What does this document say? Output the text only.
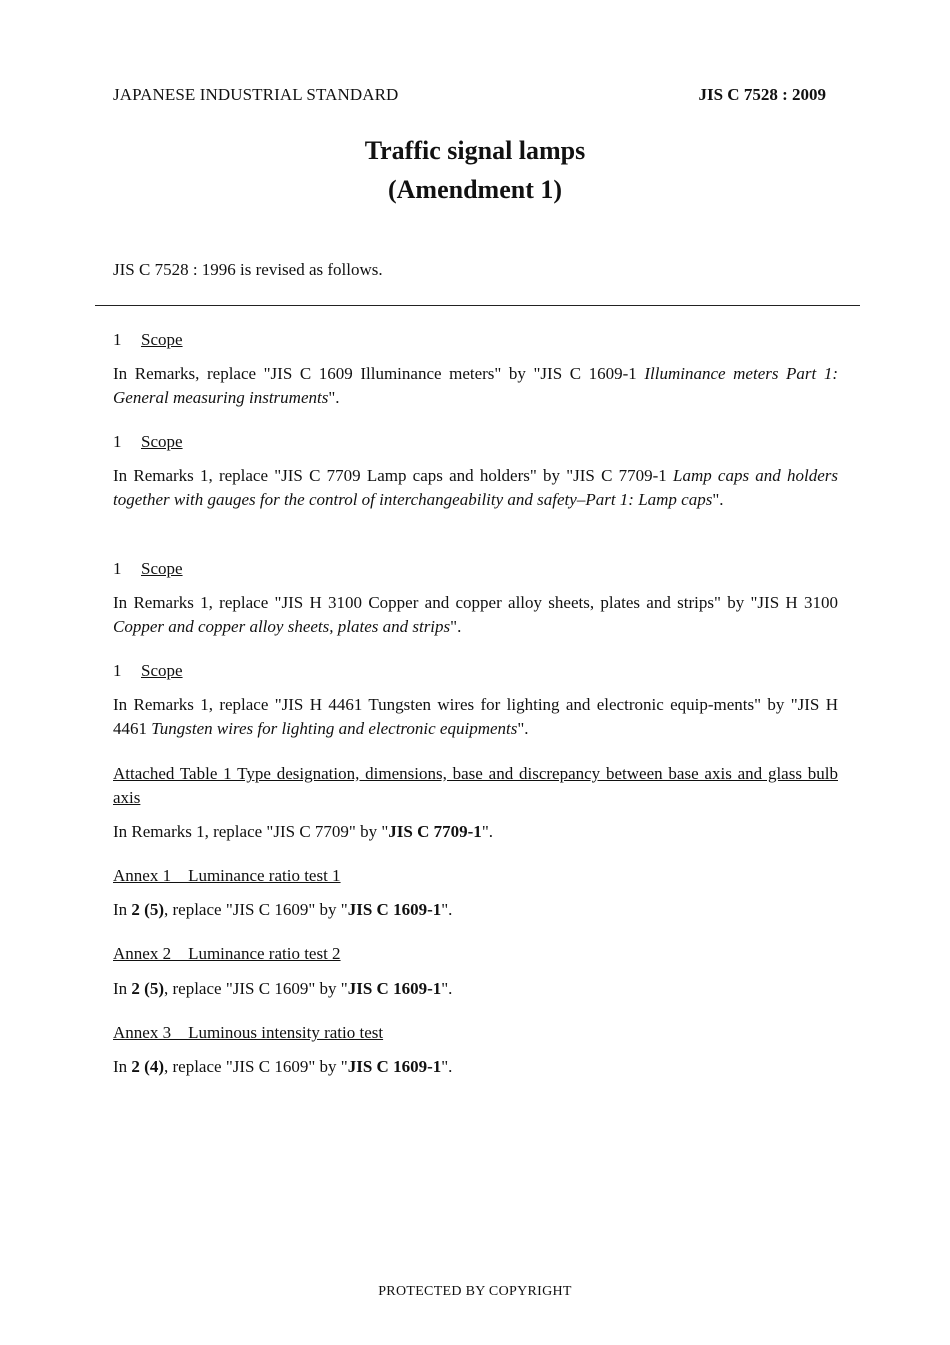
JAPANESE INDUSTRIAL STANDARD	JIS C 7528 : 2009
Traffic signal lamps
(Amendment 1)
JIS C 7528 : 1996 is revised as follows.
1 Scope
In Remarks, replace "JIS C 1609 Illuminance meters" by "JIS C 1609-1 Illuminance meters Part 1: General measuring instruments".
1 Scope
In Remarks 1, replace "JIS C 7709 Lamp caps and holders" by "JIS C 7709-1 Lamp caps and holders together with gauges for the control of interchangeability and safety–Part 1: Lamp caps".
1 Scope
In Remarks 1, replace "JIS H 3100 Copper and copper alloy sheets, plates and strips" by "JIS H 3100 Copper and copper alloy sheets, plates and strips".
1 Scope
In Remarks 1, replace "JIS H 4461 Tungsten wires for lighting and electronic equip-ments" by "JIS H 4461 Tungsten wires for lighting and electronic equipments".
Attached Table 1 Type designation, dimensions, base and discrepancy between base axis and glass bulb axis
In Remarks 1, replace "JIS C 7709" by "JIS C 7709-1".
Annex 1    Luminance ratio test 1
In 2 (5), replace "JIS C 1609" by "JIS C 1609-1".
Annex 2    Luminance ratio test 2
In 2 (5), replace "JIS C 1609" by "JIS C 1609-1".
Annex 3    Luminous intensity ratio test
In 2 (4), replace "JIS C 1609" by "JIS C 1609-1".
PROTECTED BY COPYRIGHT
